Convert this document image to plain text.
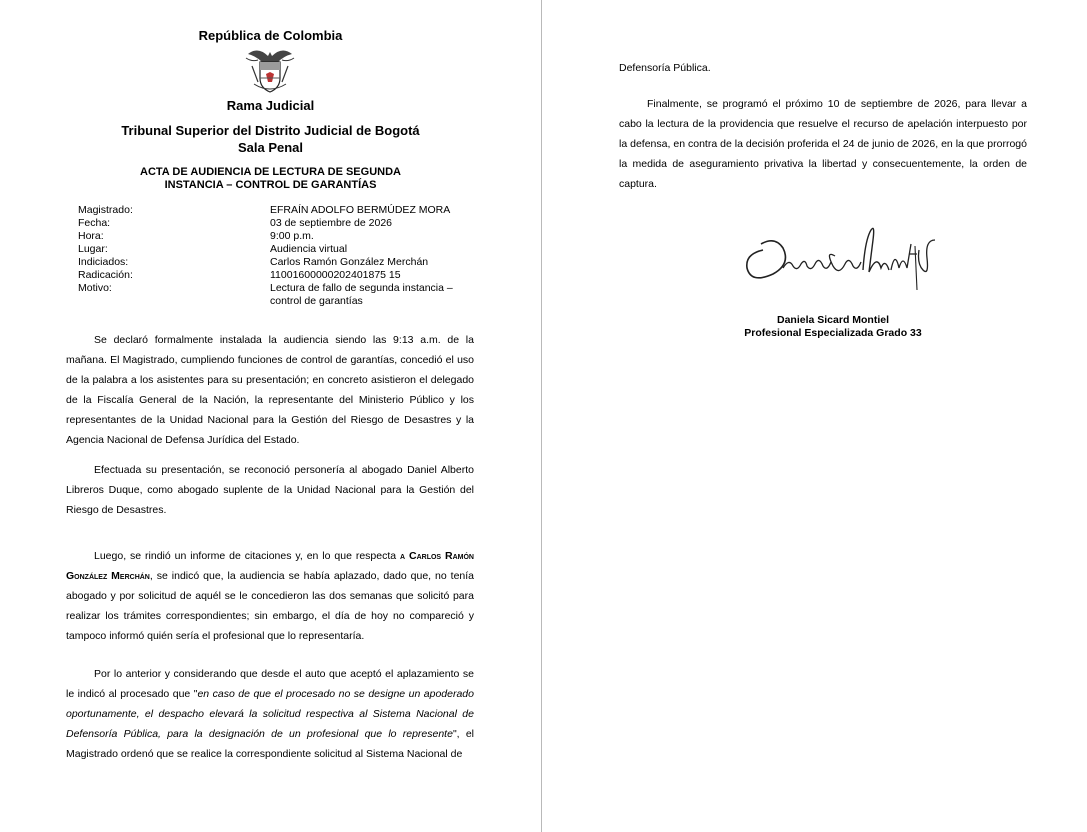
República de Colombia
Rama Judicial
Tribunal Superior del Distrito Judicial de Bogotá
Sala Penal
ACTA DE AUDIENCIA DE LECTURA DE SEGUNDA
INSTANCIA – CONTROL DE GARANTÍAS
Magistrado:	EFRAÍN ADOLFO BERMÚDEZ MORA
Fecha:	03 de septiembre de 2026
Hora:	9:00 p.m.
Lugar:	Audiencia virtual
Indiciados:	Carlos Ramón González Merchán
Radicación:	11001600000202401875 15
Motivo:	Lectura de fallo de segunda instancia – control de garantías
Se declaró formalmente instalada la audiencia siendo las 9:13 a.m. de la mañana. El Magistrado, cumpliendo funciones de control de garantías, concedió el uso de la palabra a los asistentes para su presentación; en concreto asistieron el delegado de la Fiscalía General de la Nación, la representante del Ministerio Público y los representantes de la Unidad Nacional para la Gestión del Riesgo de Desastres y la Agencia Nacional de Defensa Jurídica del Estado.
Efectuada su presentación, se reconoció personería al abogado Daniel Alberto Libreros Duque, como abogado suplente de la Unidad Nacional para la Gestión del Riesgo de Desastres.
Luego, se rindió un informe de citaciones y, en lo que respecta a Carlos Ramón González Merchán, se indicó que, la audiencia se había aplazado, dado que, no tenía abogado y por solicitud de aquél se le concedieron las dos semanas que solicitó para realizar los trámites correspondientes; sin embargo, el día de hoy no compareció y tampoco informó quién sería el profesional que lo representaría.
Por lo anterior y considerando que desde el auto que aceptó el aplazamiento se le indicó al procesado que "en caso de que el procesado no se designe un apoderado oportunamente, el despacho elevará la solicitud respectiva al Sistema Nacional de Defensoría Pública, para la designación de un profesional que lo represente", el Magistrado ordenó que se realice la correspondiente solicitud al Sistema Nacional de
Defensoría Pública.
Finalmente, se programó el próximo 10 de septiembre de 2026, para llevar a cabo la lectura de la providencia que resuelve el recurso de apelación interpuesto por la defensa, en contra de la decisión proferida el 24 de junio de 2026, en la que prorrogó la medida de aseguramiento privativa la libertad y consecuentemente, la orden de captura.
Daniela Sicard Montiel
Profesional Especializada Grado 33
